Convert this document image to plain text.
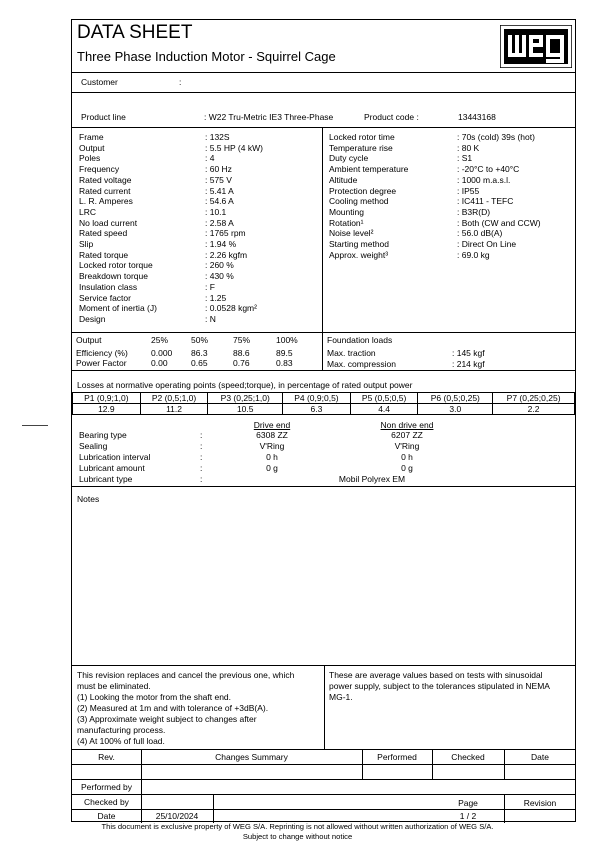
DATA SHEET
Three Phase Induction Motor - Squirrel Cage
Customer	:
Product line	: W22 Tru-Metric IE3 Three-Phase	Product code :	13443168
Frame	: 132S
Output	: 5.5 HP (4 kW)
Poles	: 4
Frequency	: 60 Hz
Rated voltage	: 575 V
Rated current	: 5.41 A
L. R. Amperes	: 54.6 A
LRC	: 10.1
No load current	: 2.58 A
Rated speed	: 1765 rpm
Slip	: 1.94 %
Rated torque	: 2.26 kgfm
Locked rotor torque	: 260 %
Breakdown torque	: 430 %
Insulation class	: F
Service factor	: 1.25
Moment of inertia (J)	: 0.0528 kgm²
Design	: N
Locked rotor time	: 70s (cold) 39s (hot)
Temperature rise	: 80 K
Duty cycle	: S1
Ambient temperature	: -20°C to +40°C
Altitude	: 1000 m.a.s.l.
Protection degree	: IP55
Cooling method	: IC411 - TEFC
Mounting	: B3R(D)
Rotation¹	: Both (CW and CCW)
Noise level²	: 56.0 dB(A)
Starting method	: Direct On Line
Approx. weight³	: 69.0 kg
Output	25%	50%	75%	100%
Efficiency (%)	0.000 86.3	88.6	89.5
Power Factor	0.00	0.65	0.76	0.83
Foundation loads
Max. traction	: 145 kgf
Max. compression	: 214 kgf
Losses at normative operating points (speed;torque), in percentage of rated output power
P1 (0,9;1,0)	P2 (0,5;1,0)	P3 (0,25;1,0)	P4 (0,9;0,5)	P5 (0,5;0,5)	P6 (0,5;0,25)	P7 (0,25;0,25)
12.9	11.2	10.5	6.3	4.4	3.0	2.2
Drive end	Non drive end
Bearing type	:	6308 ZZ	6207 ZZ
Sealing	:	V'Ring	V'Ring
Lubrication interval	:	0 h	0 h
Lubricant amount	:	0 g	0 g
Lubricant type	:	Mobil Polyrex EM
Notes
This revision replaces and cancel the previous one, which
must be eliminated.
(1) Looking the motor from the shaft end.
(2) Measured at 1m and with tolerance of +3dB(A).
(3) Approximate weight subject to changes after
manufacturing process.
(4) At 100% of full load.
These are average values based on tests with sinusoidal
power supply, subject to the tolerances stipulated in NEMA
MG-1.
Rev.	Changes Summary	Performed	Checked	Date
Performed by
Checked by
Date	25/10/2024
Page
1 / 2
Revision
This document is exclusive property of WEG S/A. Reprinting is not allowed without written authorization of WEG S/A.
Subject to change without notice
